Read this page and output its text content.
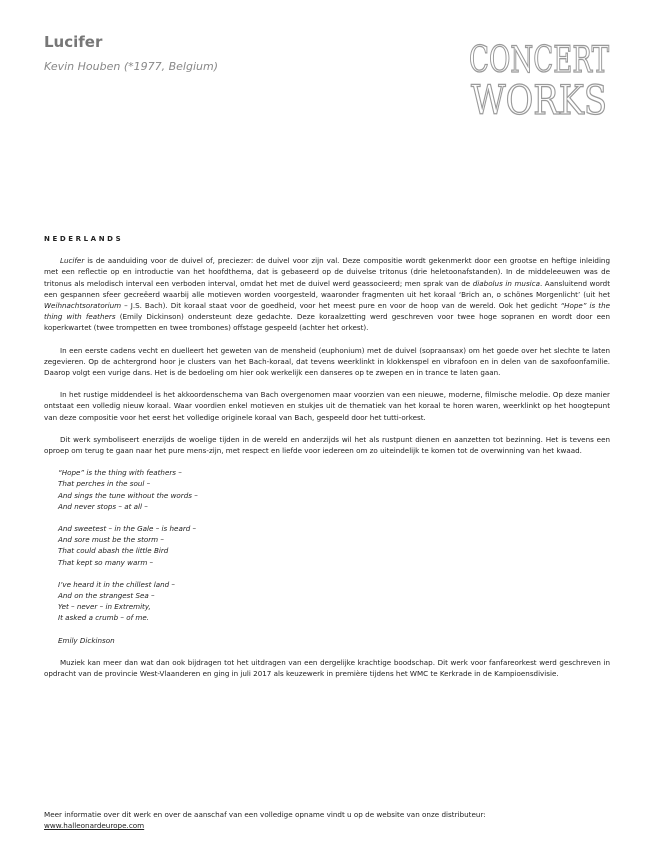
Lucifer
Kevin Houben (*1977, Belgium)	CONCERT
WORKS
NEDERLANDS

Lucifer is de aanduiding voor de duivel of, preciezer: de duivel voor zijn val. Deze compositie wordt gekenmerkt door een grootse en heftige inleiding met een reflectie op en introductie van het hoofdthema, dat is gebaseerd op de duivelse tritonus (drie heletoonafstanden). In de middeleeuwen was de tritonus als melodisch interval een verboden interval, omdat het met de duivel werd geassocieerd; men sprak van de diabolus in musica. Aansluitend wordt een gespannen sfeer gecreëerd waarbij alle motieven worden voorgesteld, waaronder fragmenten uit het koraal ‘Brich an, o schönes Morgenlicht’ (uit het Weihnachtsoratorium – J.S. Bach). Dit koraal staat voor de goedheid, voor het meest pure en voor de hoop van de wereld. Ook het gedicht “Hope” is the thing with feathers (Emily Dickinson) ondersteunt deze gedachte. Deze koraalzetting werd geschreven voor twee hoge sopranen en wordt door een koperkwartet (twee trompetten en twee trombones) offstage gespeeld (achter het orkest).

In een eerste cadens vecht en duelleert het geweten van de mensheid (euphonium) met de duivel (sopraansax) om het goede over het slechte te laten zegevieren. Op de achtergrond hoor je clusters van het Bach-koraal, dat tevens weerklinkt in klokkenspel en vibrafoon en in delen van de saxofoonfamilie. Daarop volgt een vurige dans. Het is de bedoeling om hier ook werkelijk een danseres op te zwepen en in trance te laten gaan.

In het rustige middendeel is het akkoordenschema van Bach overgenomen maar voorzien van een nieuwe, moderne, filmische melodie. Op deze manier ontstaat een volledig nieuw koraal. Waar voordien enkel motieven en stukjes uit de thematiek van het koraal te horen waren, weerklinkt op het hoogtepunt van deze compositie voor het eerst het volledige originele koraal van Bach, gespeeld door het tutti-orkest.

Dit werk symboliseert enerzijds de woelige tijden in de wereld en anderzijds wil het als rustpunt dienen en aanzetten tot bezinning. Het is tevens een oproep om terug te gaan naar het pure mens-zijn, met respect en liefde voor iedereen om zo uiteindelijk te komen tot de overwinning van het kwaad.

“Hope” is the thing with feathers –
That perches in the soul –
And sings the tune without the words –
And never stops – at all –
And sweetest – in the Gale – is heard –
And sore must be the storm –
That could abash the little Bird
That kept so many warm –
I’ve heard it in the chillest land –
And on the strangest Sea –
Yet – never – in Extremity,
It asked a crumb – of me.
Emily Dickinson

Muziek kan meer dan wat dan ook bijdragen tot het uitdragen van een dergelijke krachtige boodschap. Dit werk voor fanfareorkest werd geschreven in opdracht van de provincie West-Vlaanderen en ging in juli 2017 als keuzewerk in première tijdens het WMC te Kerkrade in de Kampioensdivisie.

Meer informatie over dit werk en over de aanschaf van een volledige opname vindt u op de website van onze distributeur:
www.halleonardeurope.com
